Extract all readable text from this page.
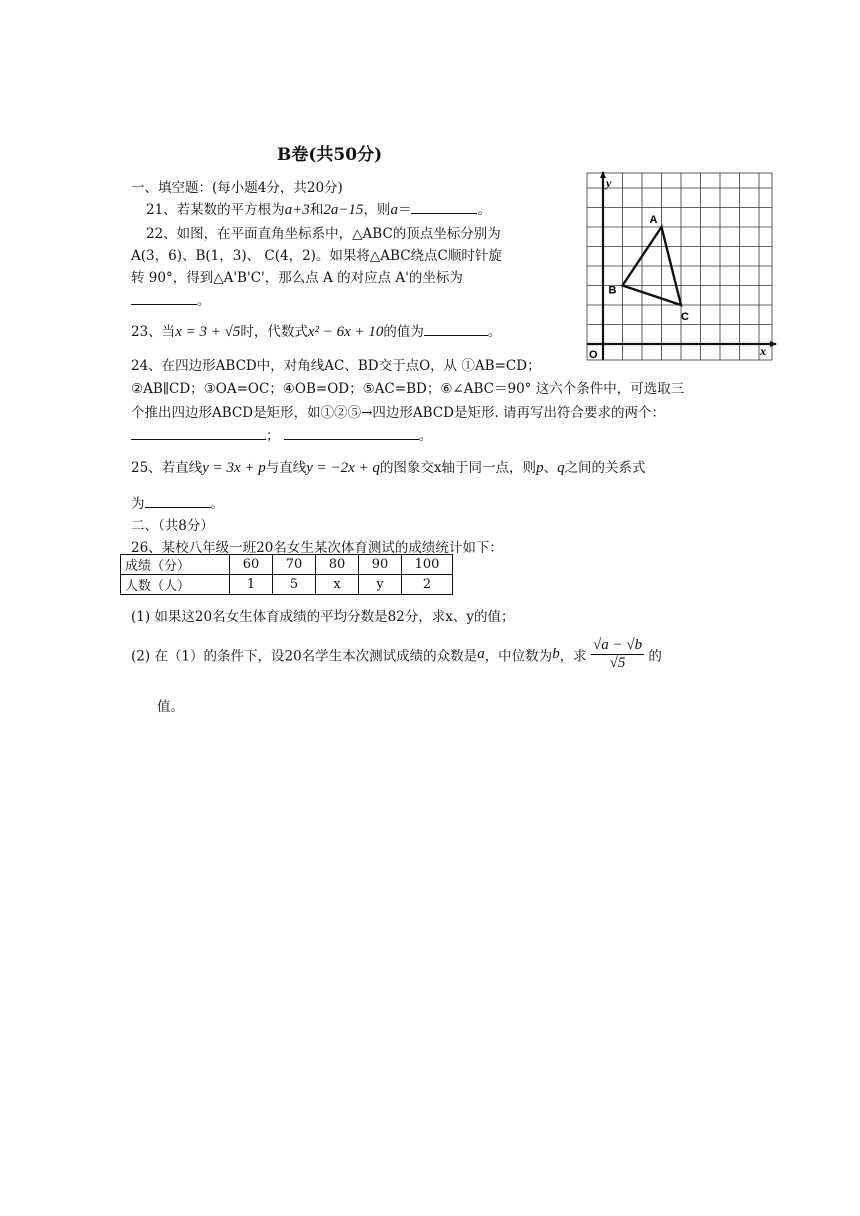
B卷(共50分)
一、填空题：(每小题4分，共20分)
21、若某数的平方根为a+3和2a−15，则a＝	。
22、如图，在平面直角坐标系中，△ABC的顶点坐标分别为
A(3，6)、B(1，3)、 C(4，2)。如果将△ABC绕点C顺时针旋
转 90°，得到△A'B'C'，那么点 A 的对应点 A'的坐标为
。
23、当x = 3 + √5时，代数式x² − 6x + 10的值为	。
24、在四边形ABCD中，对角线AC、BD交于点O，从 ①AB=CD；
②AB∥CD；③OA=OC；④OB=OD；⑤AC=BD；⑥∠ABC＝90° 这六个条件中，可选取三
个推出四边形ABCD是矩形，如①②⑤→四边形ABCD是矩形. 请再写出符合要求的两个：
；	。
25、若直线y = 3x + p与直线y = −2x + q的图象交x轴于同一点，则p、q之间的关系式
为	。
二、（共8分）
26、某校八年级一班20名女生某次体育测试的成绩统计如下：
成绩（分）	60	70	80	90	100
人数（人）	1	5	x	y	2
(1) 如果这20名女生体育成绩的平均分数是82分，求x、y的值；
(2) 在（1）的条件下，设20名学生本次测试成绩的众数是a，中位数为b，求 $\frac{√a - √b}{√5}$ 的
值。
x
y
O
A
B
C
